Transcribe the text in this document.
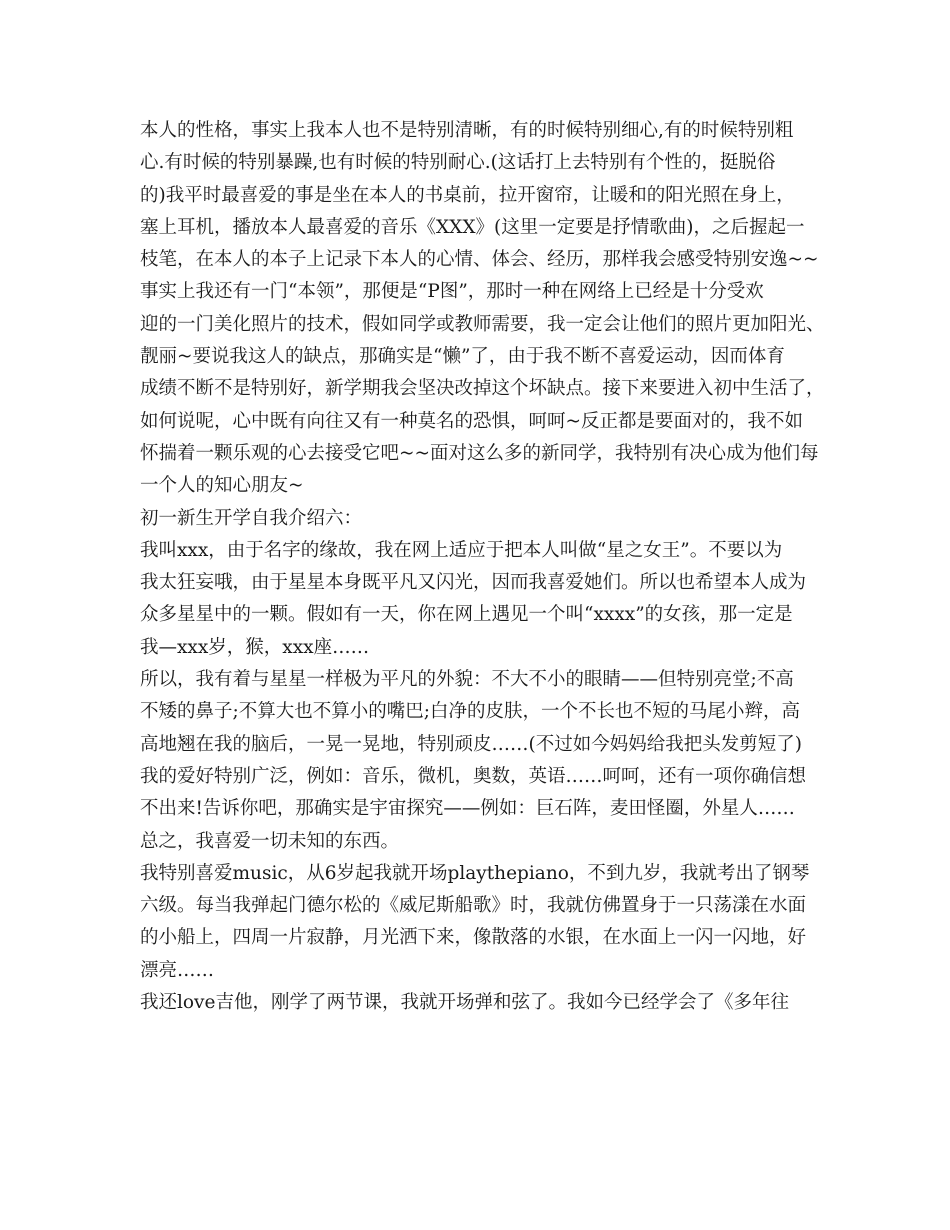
本人的性格，事实上我本人也不是特别清晰，有的时候特别细心,有的时候特别粗
心.有时候的特别暴躁,也有时候的特别耐心.(这话打上去特别有个性的，挺脱俗
的)我平时最喜爱的事是坐在本人的书桌前，拉开窗帘，让暖和的阳光照在身上，
塞上耳机，播放本人最喜爱的音乐《XXX》(这里一定要是抒情歌曲)，之后握起一
枝笔，在本人的本子上记录下本人的心情、体会、经历，那样我会感受特别安逸~~
事实上我还有一门“本领”，那便是“P图”，那时一种在网络上已经是十分受欢
迎的一门美化照片的技术，假如同学或教师需要，我一定会让他们的照片更加阳光、
靓丽~要说我这人的缺点，那确实是“懒”了，由于我不断不喜爱运动，因而体育
成绩不断不是特别好，新学期我会坚决改掉这个坏缺点。接下来要进入初中生活了，
如何说呢，心中既有向往又有一种莫名的恐惧，呵呵~反正都是要面对的，我不如
怀揣着一颗乐观的心去接受它吧~~面对这么多的新同学，我特别有决心成为他们每
一个人的知心朋友~
初一新生开学自我介绍六：
我叫xxx，由于名字的缘故，我在网上适应于把本人叫做“星之女王”。不要以为
我太狂妄哦，由于星星本身既平凡又闪光，因而我喜爱她们。所以也希望本人成为
众多星星中的一颗。假如有一天，你在网上遇见一个叫“xxxx”的女孩，那一定是
我—xxx岁，猴，xxx座……
所以，我有着与星星一样极为平凡的外貌：不大不小的眼睛——但特别亮堂;不高
不矮的鼻子;不算大也不算小的嘴巴;白净的皮肤，一个不长也不短的马尾小辫，高
高地翘在我的脑后，一晃一晃地，特别顽皮……(不过如今妈妈给我把头发剪短了)
我的爱好特别广泛，例如：音乐，微机，奥数，英语……呵呵，还有一项你确信想
不出来!告诉你吧，那确实是宇宙探究——例如：巨石阵，麦田怪圈，外星人……
总之，我喜爱一切未知的东西。
我特别喜爱music，从6岁起我就开场playthepiano，不到九岁，我就考出了钢琴
六级。每当我弹起门德尔松的《威尼斯船歌》时，我就仿佛置身于一只荡漾在水面
的小船上，四周一片寂静，月光洒下来，像散落的水银，在水面上一闪一闪地，好
漂亮……
我还love吉他，刚学了两节课，我就开场弹和弦了。我如今已经学会了《多年往
